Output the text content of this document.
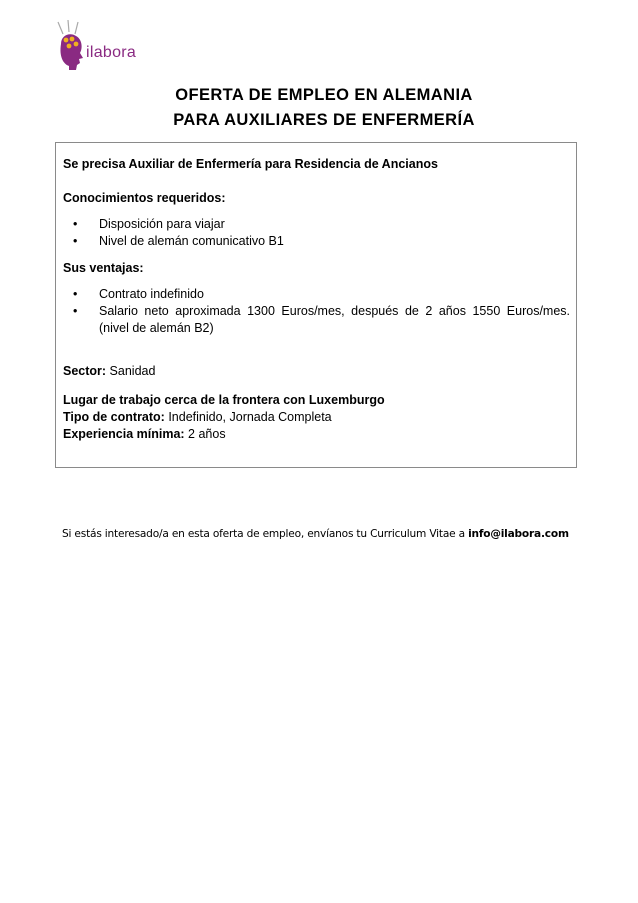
ilabora
OFERTA DE EMPLEO EN ALEMANIA
PARA AUXILIARES DE ENFERMERÍA

Se precisa Auxiliar de Enfermería para Residencia de Ancianos

Conocimientos requeridos:

• Disposición para viajar
• Nivel de alemán comunicativo B1

Sus ventajas:

• Contrato indefinido
• Salario neto aproximada 1300 Euros/mes, después de 2 años 1550 Euros/mes.
(nivel de alemán B2)

Sector: Sanidad

Lugar de trabajo cerca de la frontera con Luxemburgo

Tipo de contrato: Indefinido, Jornada Completa

Experiencia mínima: 2 años

Si estás interesado/a en esta oferta de empleo, envíanos tu Curriculum Vitae a info@ilabora.com
